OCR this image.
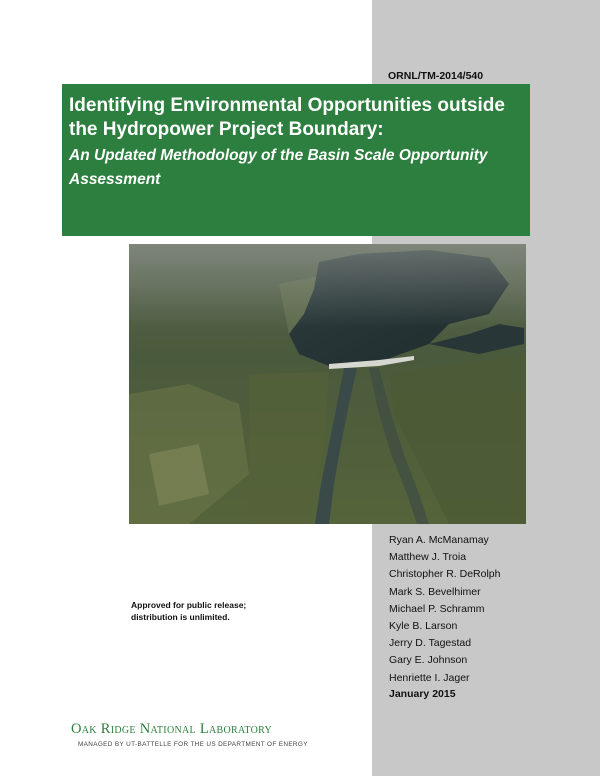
ORNL/TM-2014/540
Identifying Environmental Opportunities outside the Hydropower Project Boundary:
An Updated Methodology of the Basin Scale Opportunity Assessment
Ryan A. McManamay
Matthew J. Troia
Christopher R. DeRolph
Mark S. Bevelhimer
Michael P. Schramm
Kyle B. Larson
Jerry D. Tagestad
Gary E. Johnson
Henriette I. Jager
January 2015
Approved for public release;
distribution is unlimited.
Oak Ridge National Laboratory
MANAGED BY UT-BATTELLE FOR THE US DEPARTMENT OF ENERGY
